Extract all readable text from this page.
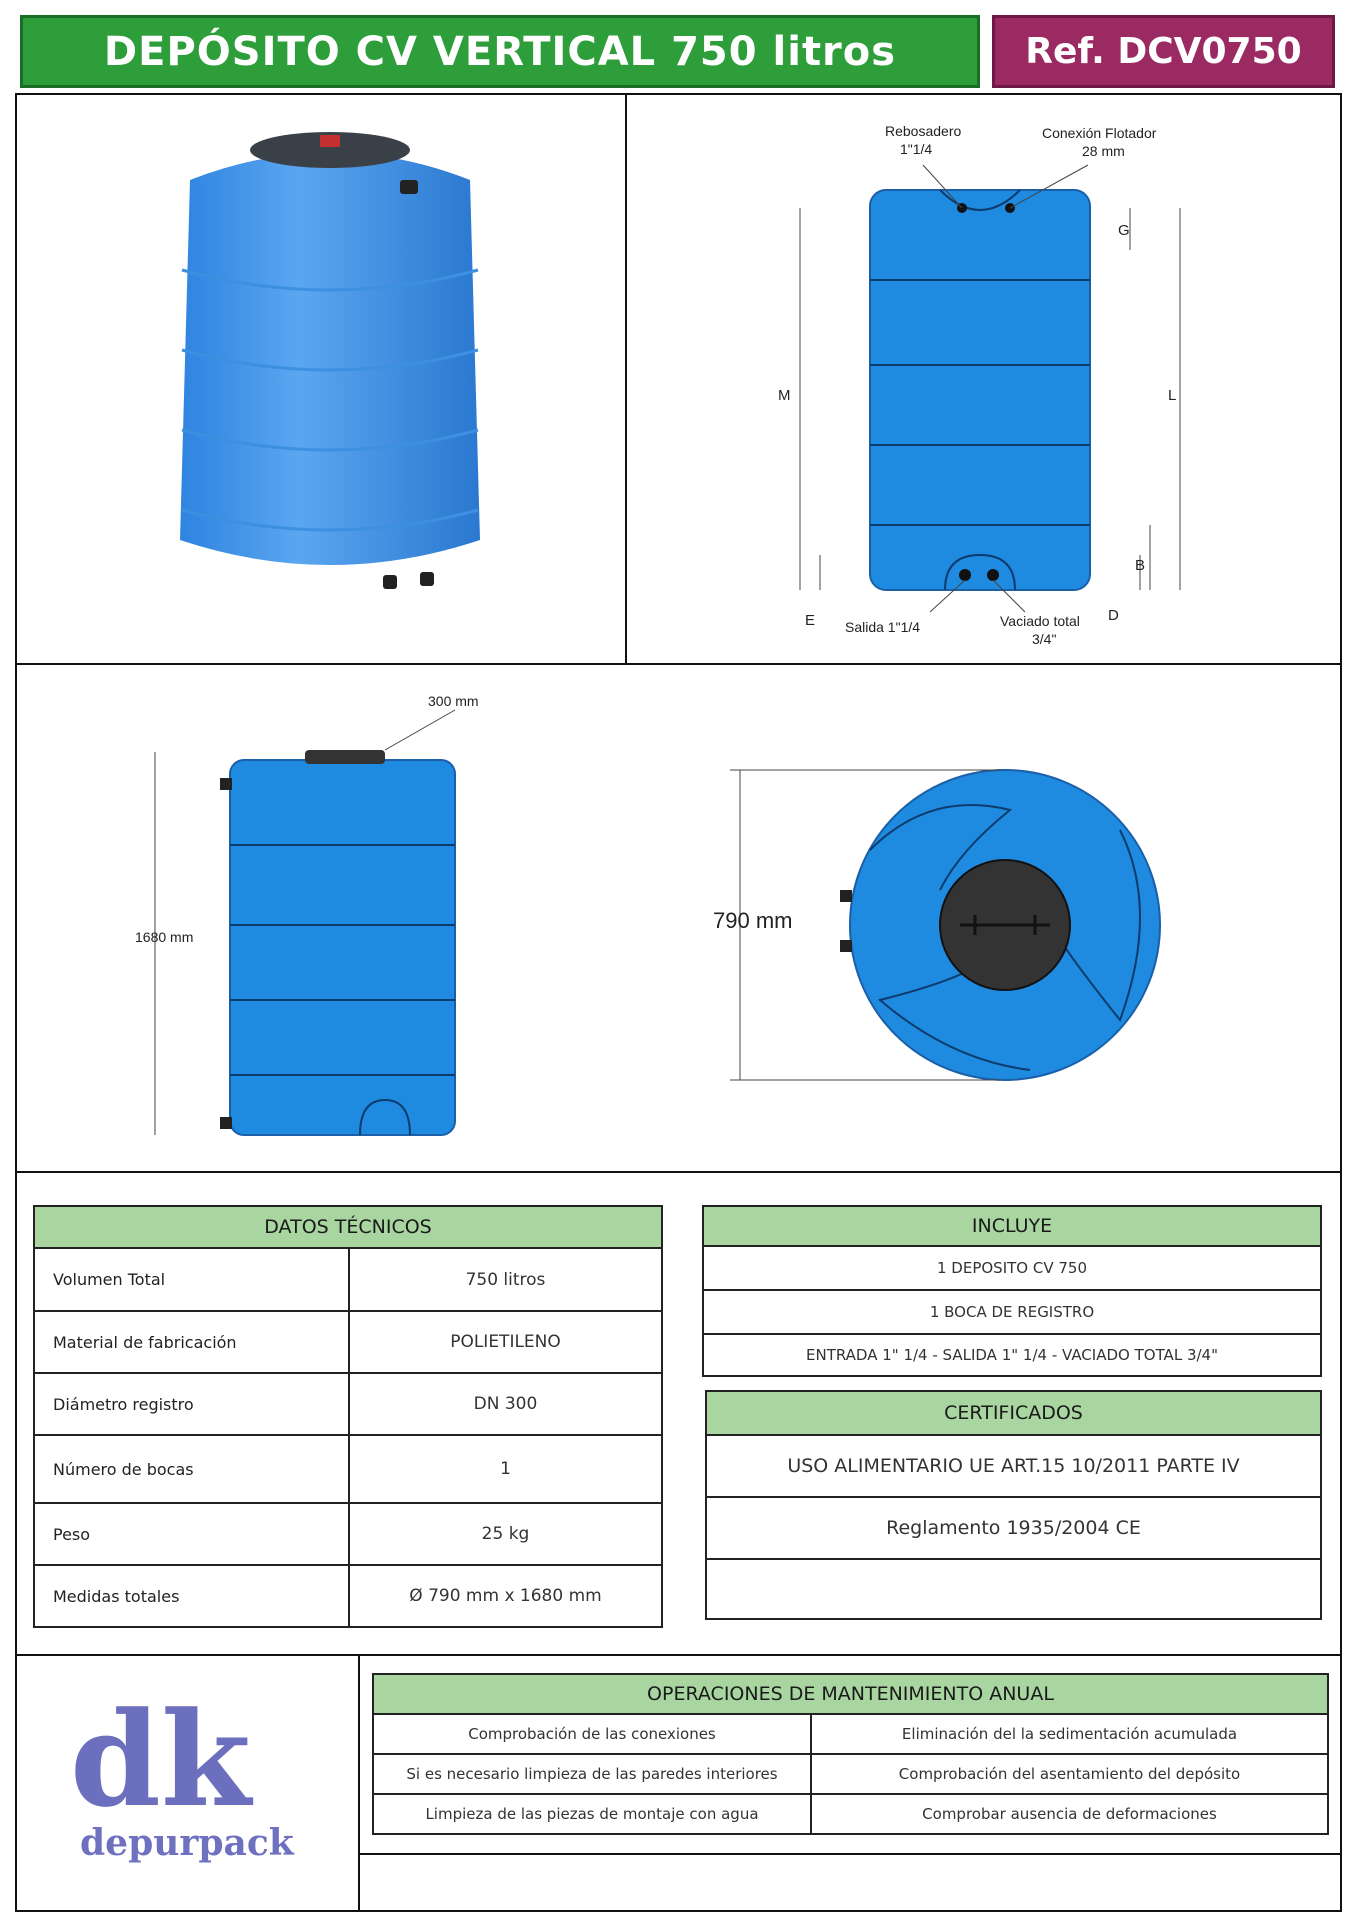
DEPÓSITO CV VERTICAL 750 litros	Ref. DCV0750
Rebosadero
1"1/4
Conexión Flotador
28 mm
G
M	L
B
D
E Salida 1"1/4	Vaciado total
3/4"
300 mm
1680 mm
790 mm
DATOS TÉCNICOS	
Volumen Total	750 litros
Material de fabricación	POLIETILENO
Diámetro registro	DN 300
Número de bocas	1
Peso	25 kg
Medidas totales	Ø 790 mm x 1680 mm
INCLUYE
1 DEPOSITO CV 750
1 BOCA DE REGISTRO
ENTRADA 1" 1/4 - SALIDA 1" 1/4 - VACIADO TOTAL 3/4"
CERTIFICADOS
USO ALIMENTARIO UE ART.15 10/2011 PARTE IV
Reglamento 1935/2004 CE

OPERACIONES DE MANTENIMIENTO ANUAL	
Comprobación de las conexiones	Eliminación del la sedimentación acumulada
Si es necesario limpieza de las paredes interiores	Comprobación del asentamiento del depósito
Limpieza de las piezas de montaje con agua	Comprobar ausencia de deformaciones
dk
depurpack
